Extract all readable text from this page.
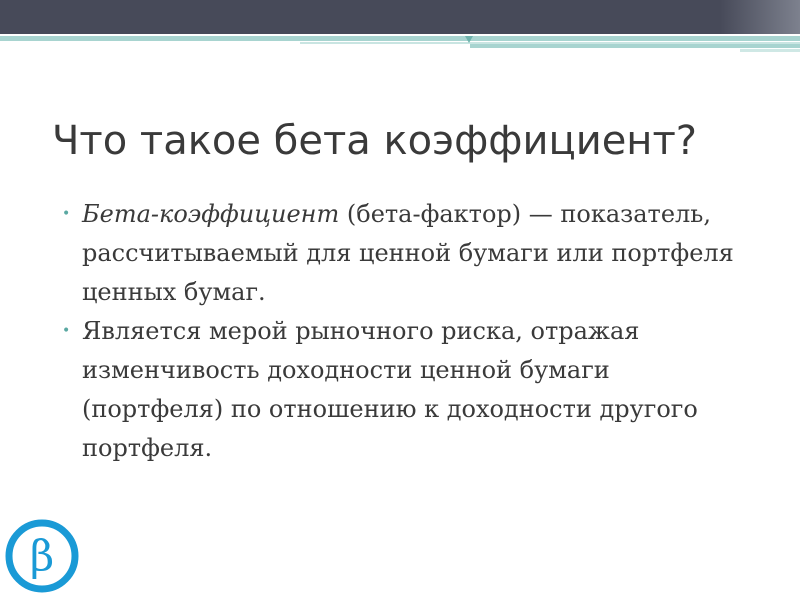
Что такое бета коэффициент?
• Бета-коэффициент (бета-фактор) — показатель, рассчитываемый для ценной бумаги или портфеля ценных бумаг.
• Является мерой рыночного риска, отражая изменчивость доходности ценной бумаги (портфеля) по отношению к доходности другого портфеля.
β
